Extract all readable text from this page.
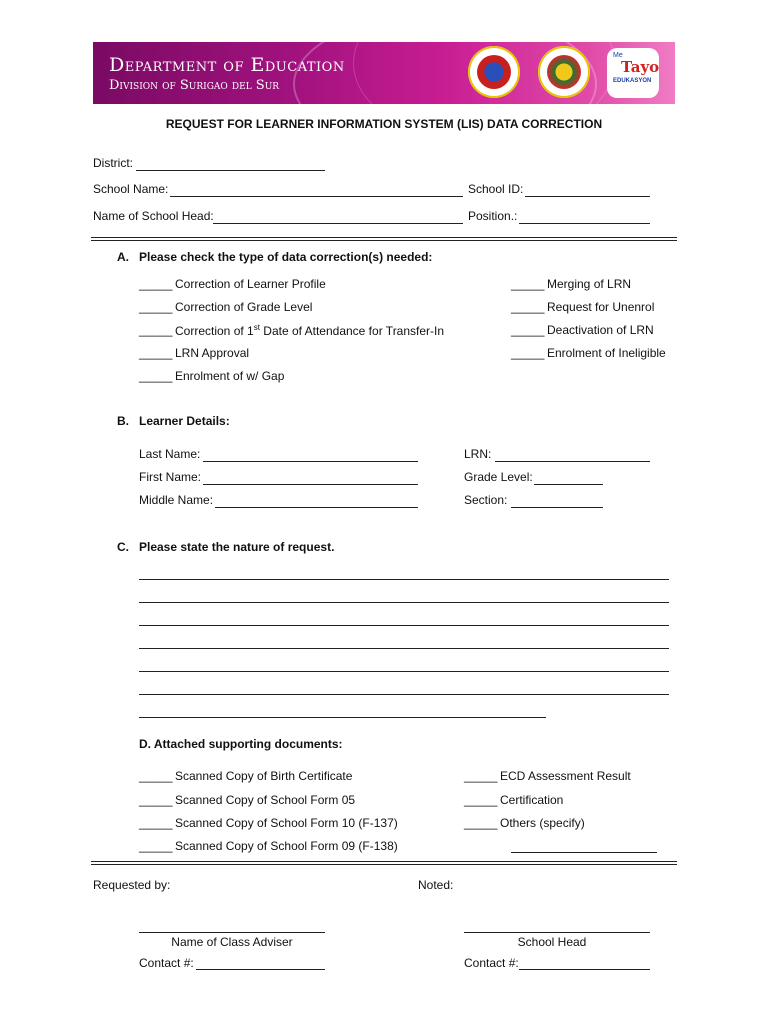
Department of Education
Division of Surigao del Sur
Me
Tayo
EDUKASYON
REQUEST FOR LEARNER INFORMATION SYSTEM (LIS) DATA CORRECTION
District:
School Name:	School ID:
Name of School Head:	Position.:
A. Please check the type of data correction(s) needed:
_____ Correction of Learner Profile
_____ Correction of Grade Level
_____ Correction of 1st Date of Attendance for Transfer-In
_____ LRN Approval
_____ Enrolment of w/ Gap
_____ Merging of LRN
_____ Request for Unenrol
_____ Deactivation of LRN
_____ Enrolment of Ineligible
B. Learner Details:
Last Name:
First Name:
Middle Name:
LRN:
Grade Level:
Section:
C. Please state the nature of request.
D. Attached supporting documents:
_____ Scanned Copy of Birth Certificate
_____ Scanned Copy of School Form 05
_____ Scanned Copy of School Form 10 (F-137)
_____ Scanned Copy of School Form 09 (F-138)
_____ ECD Assessment Result
_____ Certification
_____ Others (specify)
Requested by:	Noted:
Name of Class Adviser	School Head
Contact #:	Contact #:
